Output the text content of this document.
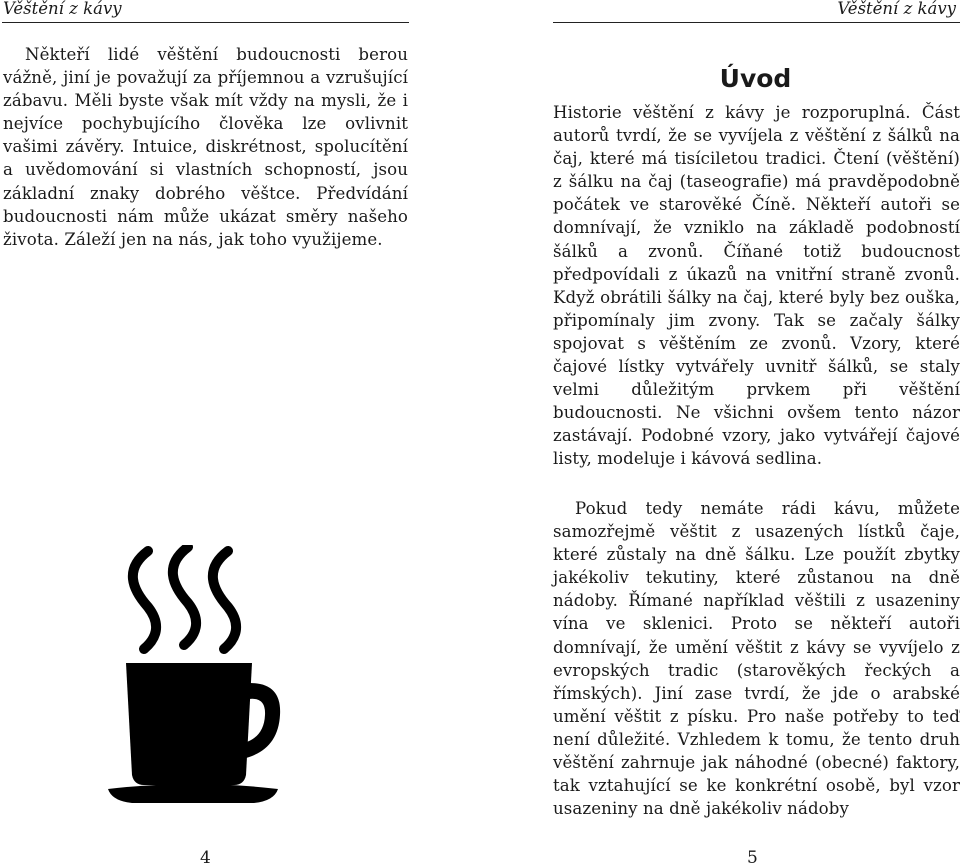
Věštění z kávy

Někteří lidé věštění budoucnosti berou vážně, jiní je považují za příjemnou a vzrušující zábavu. Měli byste však mít vždy na mysli, že i nejvíce pochybujícího člověka lze ovlivnit vašimi závěry. Intuice, diskrétnost, spolucítění a uvědomování si vlastních schopností, jsou základní znaky dobrého věštce. Předvídání budoucnosti nám může ukázat směry našeho života. Záleží jen na nás, jak toho využijeme.

4
Věštění z kávy
Úvod

Historie věštění z kávy je rozporuplná. Část autorů tvrdí, že se vyvíjela z věštění z šálků na čaj, které má tisíciletou tradici. Čtení (věštění) z šálku na čaj (taseografie) má pravděpodobně počátek ve starověké Číně. Někteří autoři se domnívají, že vzniklo na základě podobností šálků a zvonů. Číňané totiž budoucnost předpovídali z úkazů na vnitřní straně zvonů. Když obrátili šálky na čaj, které byly bez ouška, připomínaly jim zvony. Tak se začaly šálky spojovat s věštěním ze zvonů. Vzory, které čajové lístky vytvářely uvnitř šálků, se staly velmi důležitým prvkem při věštění budoucnosti. Ne všichni ovšem tento názor zastávají. Podobné vzory, jako vytvářejí čajové listy, modeluje i kávová sedlina.

Pokud tedy nemáte rádi kávu, můžete samozřejmě věštit z usazených lístků čaje, které zůstaly na dně šálku. Lze použít zbytky jakékoliv tekutiny, které zůstanou na dně nádoby. Římané například věštili z usazeniny vína ve sklenici. Proto se někteří autoři domnívají, že umění věštit z kávy se vyvíjelo z evropských tradic (starověkých řeckých a římských). Jiní zase tvrdí, že jde o arabské umění věštit z písku. Pro naše potřeby to teď není důležité. Vzhledem k tomu, že tento druh věštění zahrnuje jak náhodné (obecné) faktory, tak vztahující se ke konkrétní osobě, byl vzor usazeniny na dně jakékoliv nádoby

5
